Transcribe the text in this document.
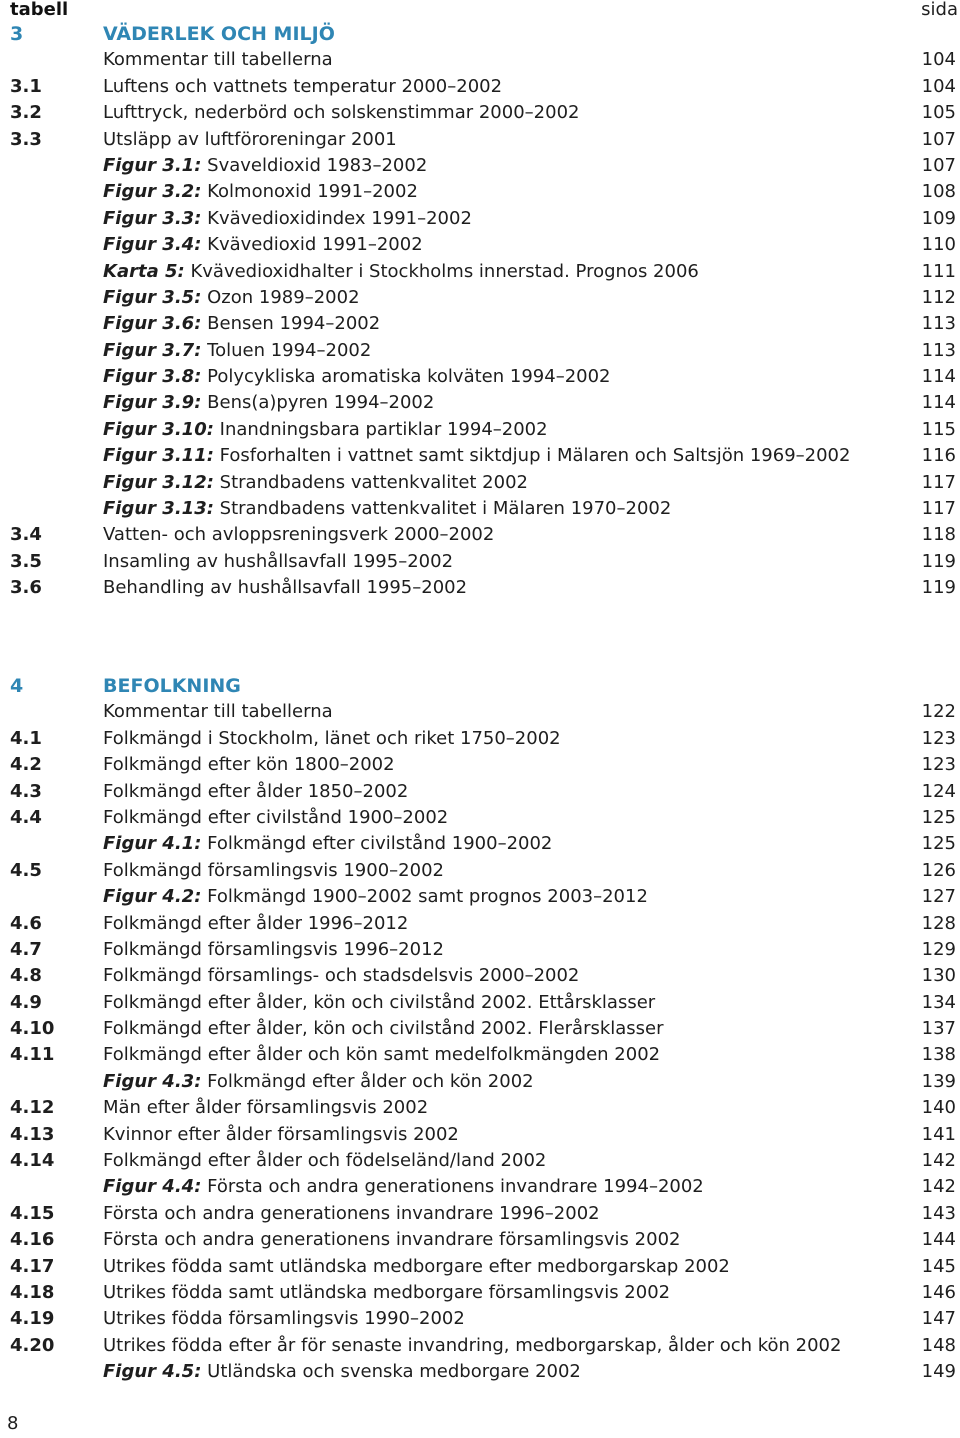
tabell	sida
3	VÄDERLEK OCH MILJÖ
Kommentar till tabellerna	104
3.1	Luftens och vattnets temperatur 2000–2002	104
3.2	Lufttryck, nederbörd och solskenstimmar 2000–2002	105
3.3	Utsläpp av luftföroreningar 2001	107
Figur 3.1: Svaveldioxid 1983–2002	107
Figur 3.2: Kolmonoxid 1991–2002	108
Figur 3.3: Kvävedioxidindex 1991–2002	109
Figur 3.4: Kvävedioxid 1991–2002	110
Karta 5: Kvävedioxidhalter i Stockholms innerstad. Prognos 2006	111
Figur 3.5: Ozon 1989–2002	112
Figur 3.6: Bensen 1994–2002	113
Figur 3.7: Toluen 1994–2002	113
Figur 3.8: Polycykliska aromatiska kolväten 1994–2002	114
Figur 3.9: Bens(a)pyren 1994–2002	114
Figur 3.10: Inandningsbara partiklar 1994–2002	115
Figur 3.11: Fosforhalten i vattnet samt siktdjup i Mälaren och Saltsjön 1969–2002	116
Figur 3.12: Strandbadens vattenkvalitet 2002	117
Figur 3.13: Strandbadens vattenkvalitet i Mälaren 1970–2002	117
3.4	Vatten- och avloppsreningsverk 2000–2002	118
3.5	Insamling av hushållsavfall 1995–2002	119
3.6	Behandling av hushållsavfall 1995–2002	119
4	BEFOLKNING
Kommentar till tabellerna	122
4.1	Folkmängd i Stockholm, länet och riket 1750–2002	123
4.2	Folkmängd efter kön 1800–2002	123
4.3	Folkmängd efter ålder 1850–2002	124
4.4	Folkmängd efter civilstånd 1900–2002	125
Figur 4.1: Folkmängd efter civilstånd 1900–2002	125
4.5	Folkmängd församlingsvis 1900–2002	126
Figur 4.2: Folkmängd 1900–2002 samt prognos 2003–2012	127
4.6	Folkmängd efter ålder 1996–2012	128
4.7	Folkmängd församlingsvis 1996–2012	129
4.8	Folkmängd församlings- och stadsdelsvis 2000–2002	130
4.9	Folkmängd efter ålder, kön och civilstånd 2002. Ettårsklasser	134
4.10	Folkmängd efter ålder, kön och civilstånd 2002. Flerårsklasser	137
4.11	Folkmängd efter ålder och kön samt medelfolkmängden 2002	138
Figur 4.3: Folkmängd efter ålder och kön 2002	139
4.12	Män efter ålder församlingsvis 2002	140
4.13	Kvinnor efter ålder församlingsvis 2002	141
4.14	Folkmängd efter ålder och födelseländ/land 2002	142
Figur 4.4: Första och andra generationens invandrare 1994–2002	142
4.15	Första och andra generationens invandrare 1996–2002	143
4.16	Första och andra generationens invandrare församlingsvis 2002	144
4.17	Utrikes födda samt utländska medborgare efter medborgarskap 2002	145
4.18	Utrikes födda samt utländska medborgare församlingsvis 2002	146
4.19	Utrikes födda församlingsvis 1990–2002	147
4.20	Utrikes födda efter år för senaste invandring, medborgarskap, ålder och kön 2002	148
Figur 4.5: Utländska och svenska medborgare 2002	149
8
